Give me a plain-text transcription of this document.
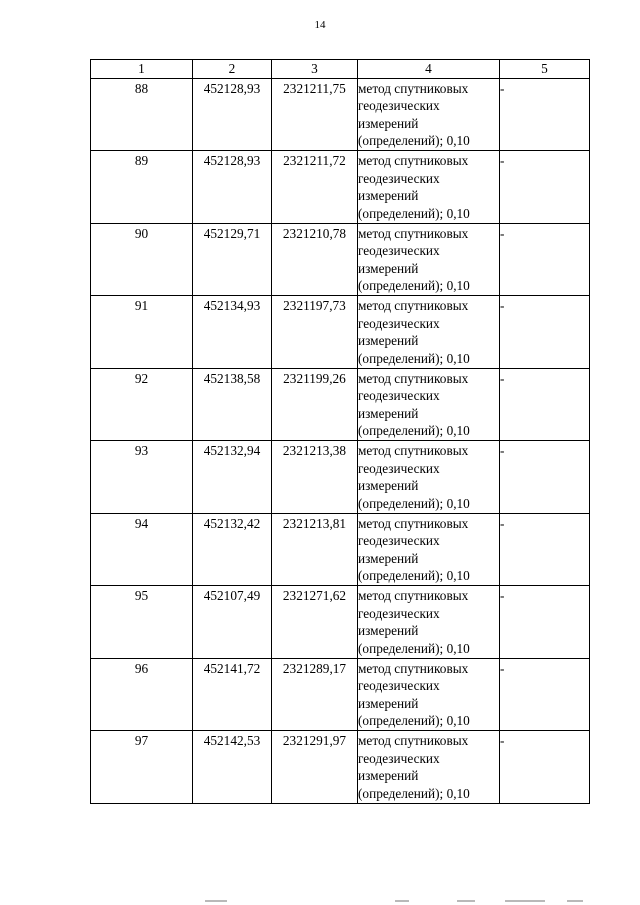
14
1	2	3	4	5
88	452128,93	2321211,75	метод спутниковых
геодезических
измерений
(определений); 0,10	-
89	452128,93	2321211,72	метод спутниковых
геодезических
измерений
(определений); 0,10	-
90	452129,71	2321210,78	метод спутниковых
геодезических
измерений
(определений); 0,10	-
91	452134,93	2321197,73	метод спутниковых
геодезических
измерений
(определений); 0,10	-
92	452138,58	2321199,26	метод спутниковых
геодезических
измерений
(определений); 0,10	-
93	452132,94	2321213,38	метод спутниковых
геодезических
измерений
(определений); 0,10	-
94	452132,42	2321213,81	метод спутниковых
геодезических
измерений
(определений); 0,10	-
95	452107,49	2321271,62	метод спутниковых
геодезических
измерений
(определений); 0,10	-
96	452141,72	2321289,17	метод спутниковых
геодезических
измерений
(определений); 0,10	-
97	452142,53	2321291,97	метод спутниковых
геодезических
измерений
(определений); 0,10	-
